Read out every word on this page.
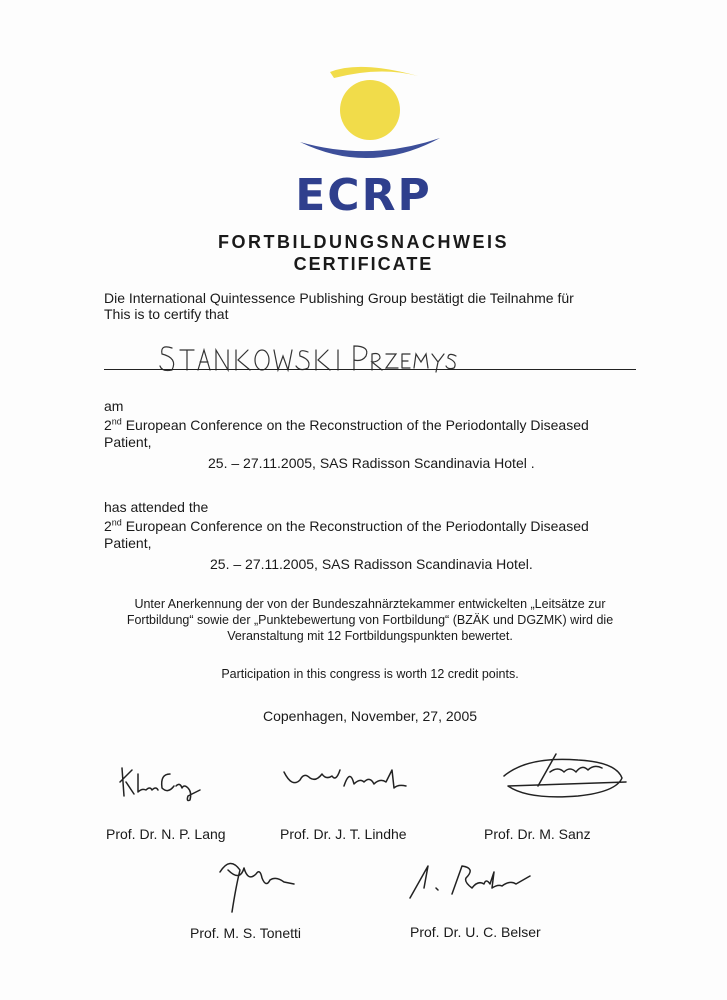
ECRP
FORTBILDUNGSNACHWEIS
CERTIFICATE
Die International Quintessence Publishing Group bestätigt die Teilnahme für
This is to certify that
am
2nd European Conference on the Reconstruction of the Periodontally Diseased
Patient,
25. – 27.11.2005, SAS Radisson Scandinavia Hotel .
has attended the
2nd European Conference on the Reconstruction of the Periodontally Diseased
Patient,
25. – 27.11.2005, SAS Radisson Scandinavia Hotel.
Unter Anerkennung der von der Bundeszahnärztekammer entwickelten „Leitsätze zur
Fortbildung“ sowie der „Punktebewertung von Fortbildung“ (BZÄK und DGZMK) wird die
Veranstaltung mit 12 Fortbildungspunkten bewertet.
Participation in this congress is worth 12 credit points.
Copenhagen, November, 27, 2005
Prof. Dr. N. P. Lang	Prof. Dr. J. T. Lindhe	Prof. Dr. M. Sanz
Prof. M. S. Tonetti	Prof. Dr. U. C. Belser
